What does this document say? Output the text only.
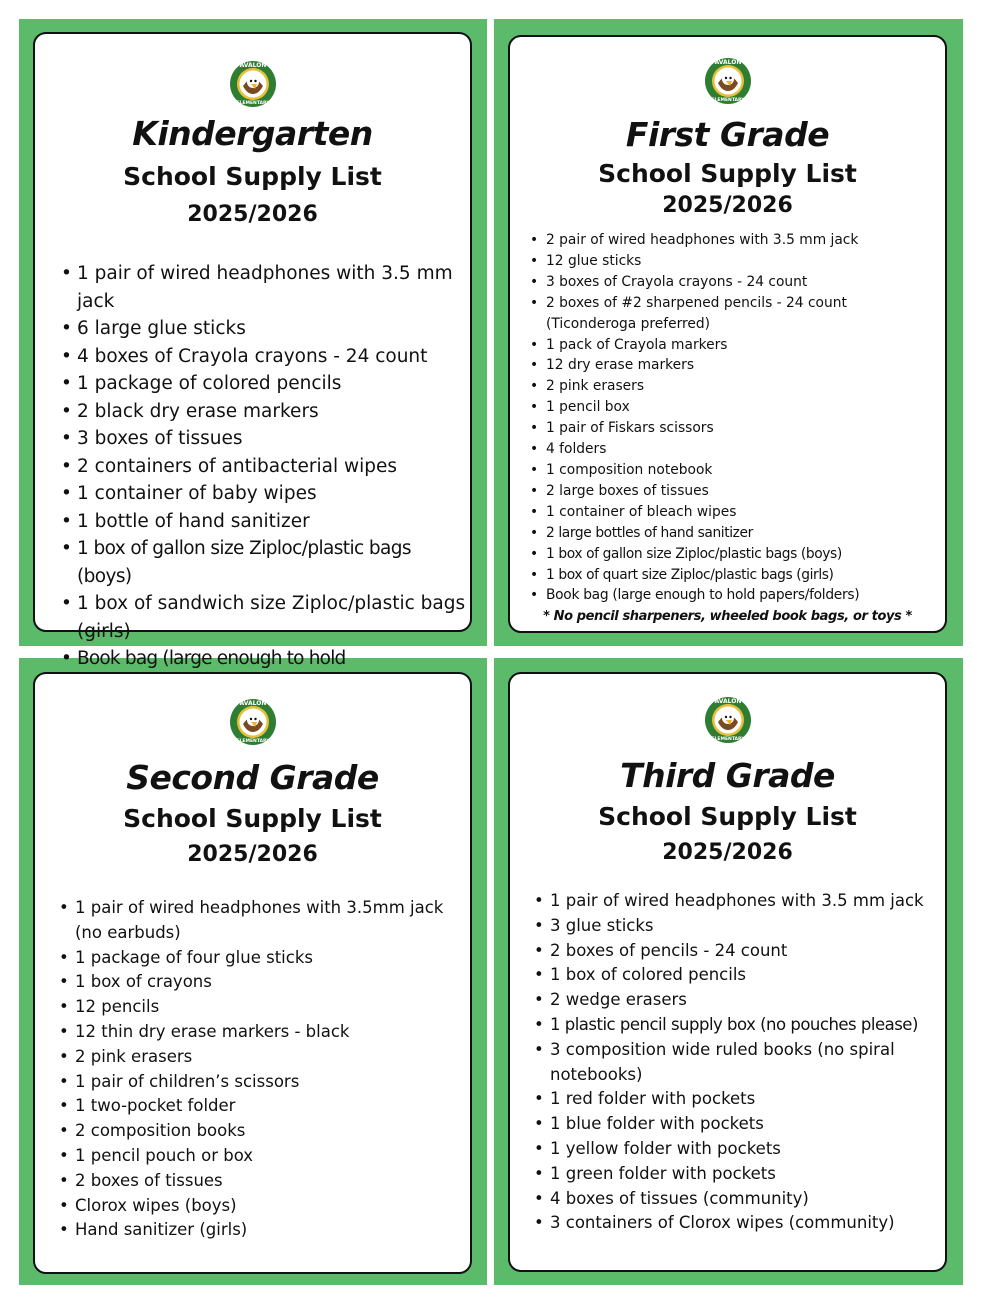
AVALON
ELEMENTARY
Kindergarten
School Supply List
2025/2026
• 1 pair of wired headphones with 3.5 mm jack
• 6 large glue sticks
• 4 boxes of Crayola crayons - 24 count
• 1 package of colored pencils
• 2 black dry erase markers
• 3 boxes of tissues
• 2 containers of antibacterial wipes
• 1 container of baby wipes
• 1 bottle of hand sanitizer
• 1 box of gallon size Ziploc/plastic bags (boys)
• 1 box of sandwich size Ziploc/plastic bags (girls)
• Book bag (large enough to hold
AVALON
ELEMENTARY
First Grade
School Supply List
2025/2026
• 2 pair of wired headphones with 3.5 mm jack
• 12 glue sticks
• 3 boxes of Crayola crayons - 24 count
• 2 boxes of #2 sharpened pencils - 24 count (Ticonderoga preferred)
• 1 pack of Crayola markers
• 12 dry erase markers
• 2 pink erasers
• 1 pencil box
• 1 pair of Fiskars scissors
• 4 folders
• 1 composition notebook
• 2 large boxes of tissues
• 1 container of bleach wipes
• 2 large bottles of hand sanitizer
• 1 box of gallon size Ziploc/plastic bags (boys)
• 1 box of quart size Ziploc/plastic bags (girls)
• Book bag (large enough to hold papers/folders)
* No pencil sharpeners, wheeled book bags, or toys *
AVALON
ELEMENTARY
Second Grade
School Supply List
2025/2026
• 1 pair of wired headphones with 3.5mm jack (no earbuds)
• 1 package of four glue sticks
• 1 box of crayons
• 12 pencils
• 12 thin dry erase markers - black
• 2 pink erasers
• 1 pair of children’s scissors
• 1 two-pocket folder
• 2 composition books
• 1 pencil pouch or box
• 2 boxes of tissues
• Clorox wipes (boys)
• Hand sanitizer (girls)
AVALON
ELEMENTARY
Third Grade
School Supply List
2025/2026
• 1 pair of wired headphones with 3.5 mm jack
• 3 glue sticks
• 2 boxes of pencils - 24 count
• 1 box of colored pencils
• 2 wedge erasers
• 1 plastic pencil supply box (no pouches please)
• 3 composition wide ruled books (no spiral notebooks)
• 1 red folder with pockets
• 1 blue folder with pockets
• 1 yellow folder with pockets
• 1 green folder with pockets
• 4 boxes of tissues (community)
• 3 containers of Clorox wipes (community)
